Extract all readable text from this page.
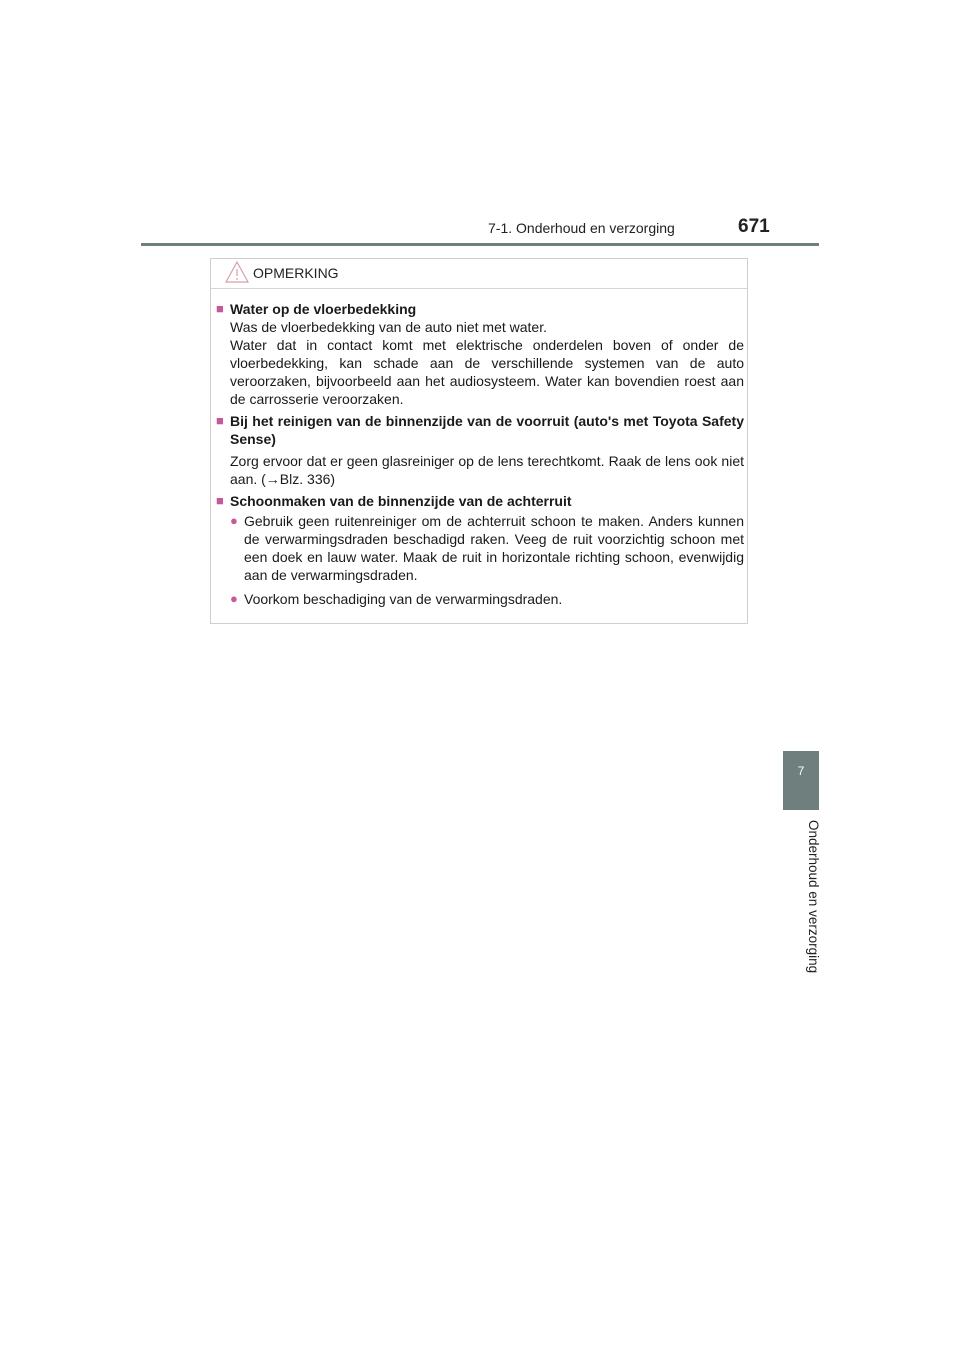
7-1. Onderhoud en verzorging	671
7
Onderhoud en verzorging
OPMERKING
■ Water op de vloerbedekking
Was de vloerbedekking van de auto niet met water.
Water dat in contact komt met elektrische onderdelen boven of onder de vloerbedekking, kan schade aan de verschillende systemen van de auto veroorzaken, bijvoorbeeld aan het audiosysteem. Water kan bovendien roest aan de carrosserie veroorzaken.
■ Bij het reinigen van de binnenzijde van de voorruit (auto's met Toyota Safety Sense)
Zorg ervoor dat er geen glasreiniger op de lens terechtkomt. Raak de lens ook niet aan. (→Blz. 336)
■ Schoonmaken van de binnenzijde van de achterruit
● Gebruik geen ruitenreiniger om de achterruit schoon te maken. Anders kunnen de verwarmingsdraden beschadigd raken. Veeg de ruit voorzichtig schoon met een doek en lauw water. Maak de ruit in horizontale richting schoon, evenwijdig aan de verwarmingsdraden.
● Voorkom beschadiging van de verwarmingsdraden.
